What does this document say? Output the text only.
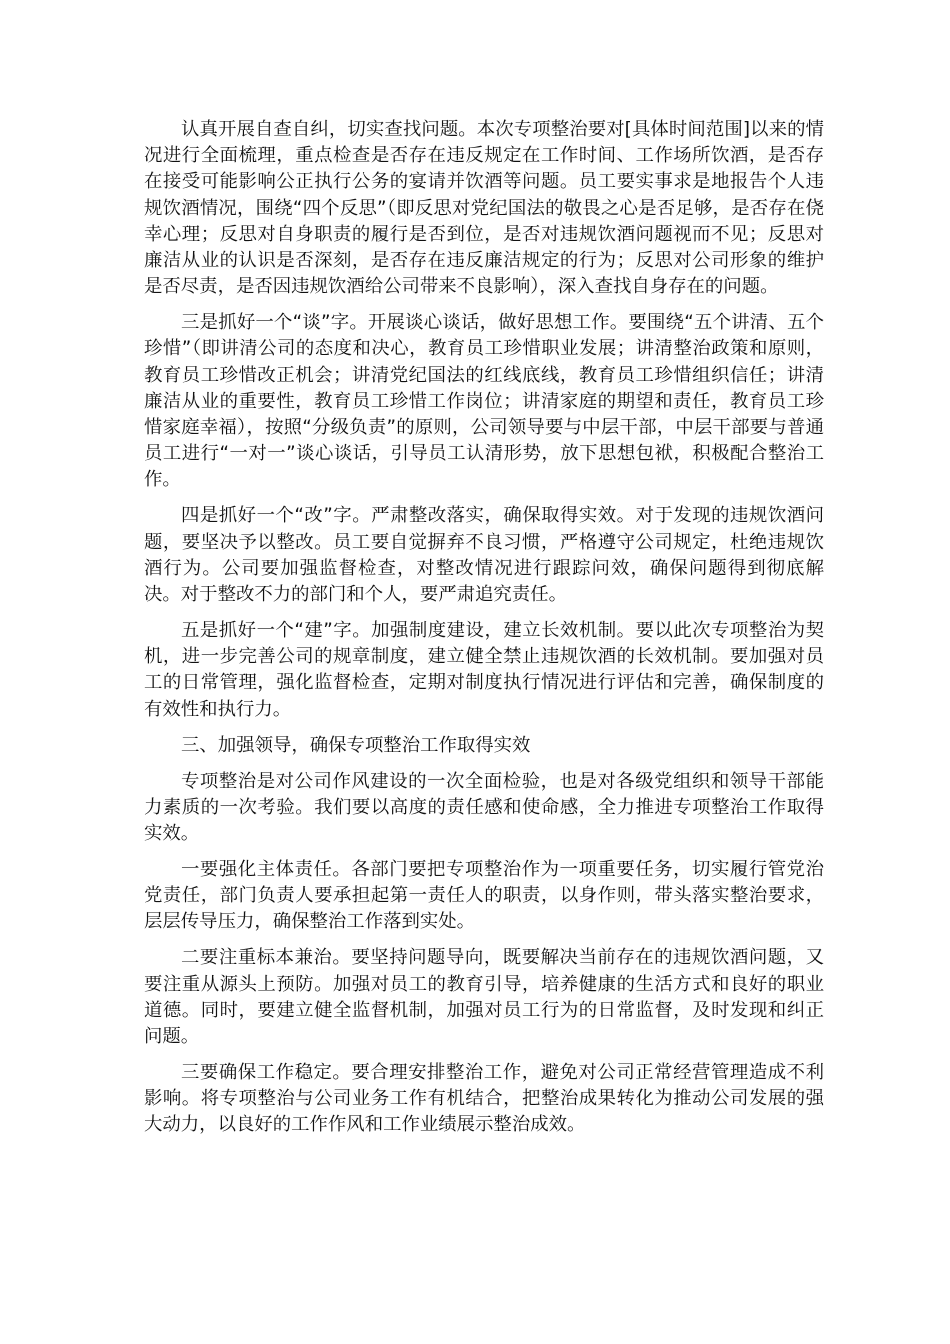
认真开展自查自纠，切实查找问题。本次专项整治要对[具体时间范围]以来的情况进行全面梳理，重点检查是否存在违反规定在工作时间、工作场所饮酒，是否存在接受可能影响公正执行公务的宴请并饮酒等问题。员工要实事求是地报告个人违规饮酒情况，围绕“四个反思”（即反思对党纪国法的敬畏之心是否足够，是否存在侥幸心理；反思对自身职责的履行是否到位，是否对违规饮酒问题视而不见；反思对廉洁从业的认识是否深刻，是否存在违反廉洁规定的行为；反思对公司形象的维护是否尽责，是否因违规饮酒给公司带来不良影响），深入查找自身存在的问题。

三是抓好一个“谈”字。开展谈心谈话，做好思想工作。要围绕“五个讲清、五个珍惜”（即讲清公司的态度和决心，教育员工珍惜职业发展；讲清整治政策和原则，教育员工珍惜改正机会；讲清党纪国法的红线底线，教育员工珍惜组织信任；讲清廉洁从业的重要性，教育员工珍惜工作岗位；讲清家庭的期望和责任，教育员工珍惜家庭幸福），按照“分级负责”的原则，公司领导要与中层干部，中层干部要与普通员工进行“一对一”谈心谈话，引导员工认清形势，放下思想包袱，积极配合整治工作。

四是抓好一个“改”字。严肃整改落实，确保取得实效。对于发现的违规饮酒问题，要坚决予以整改。员工要自觉摒弃不良习惯，严格遵守公司规定，杜绝违规饮酒行为。公司要加强监督检查，对整改情况进行跟踪问效，确保问题得到彻底解决。对于整改不力的部门和个人，要严肃追究责任。

五是抓好一个“建”字。加强制度建设，建立长效机制。要以此次专项整治为契机，进一步完善公司的规章制度，建立健全禁止违规饮酒的长效机制。要加强对员工的日常管理，强化监督检查，定期对制度执行情况进行评估和完善，确保制度的有效性和执行力。

三、加强领导，确保专项整治工作取得实效

专项整治是对公司作风建设的一次全面检验，也是对各级党组织和领导干部能力素质的一次考验。我们要以高度的责任感和使命感，全力推进专项整治工作取得实效。

一要强化主体责任。各部门要把专项整治作为一项重要任务，切实履行管党治党责任，部门负责人要承担起第一责任人的职责，以身作则，带头落实整治要求，层层传导压力，确保整治工作落到实处。

二要注重标本兼治。要坚持问题导向，既要解决当前存在的违规饮酒问题，又要注重从源头上预防。加强对员工的教育引导，培养健康的生活方式和良好的职业道德。同时，要建立健全监督机制，加强对员工行为的日常监督，及时发现和纠正问题。

三要确保工作稳定。要合理安排整治工作，避免对公司正常经营管理造成不利影响。将专项整治与公司业务工作有机结合，把整治成果转化为推动公司发展的强大动力，以良好的工作作风和工作业绩展示整治成效。
